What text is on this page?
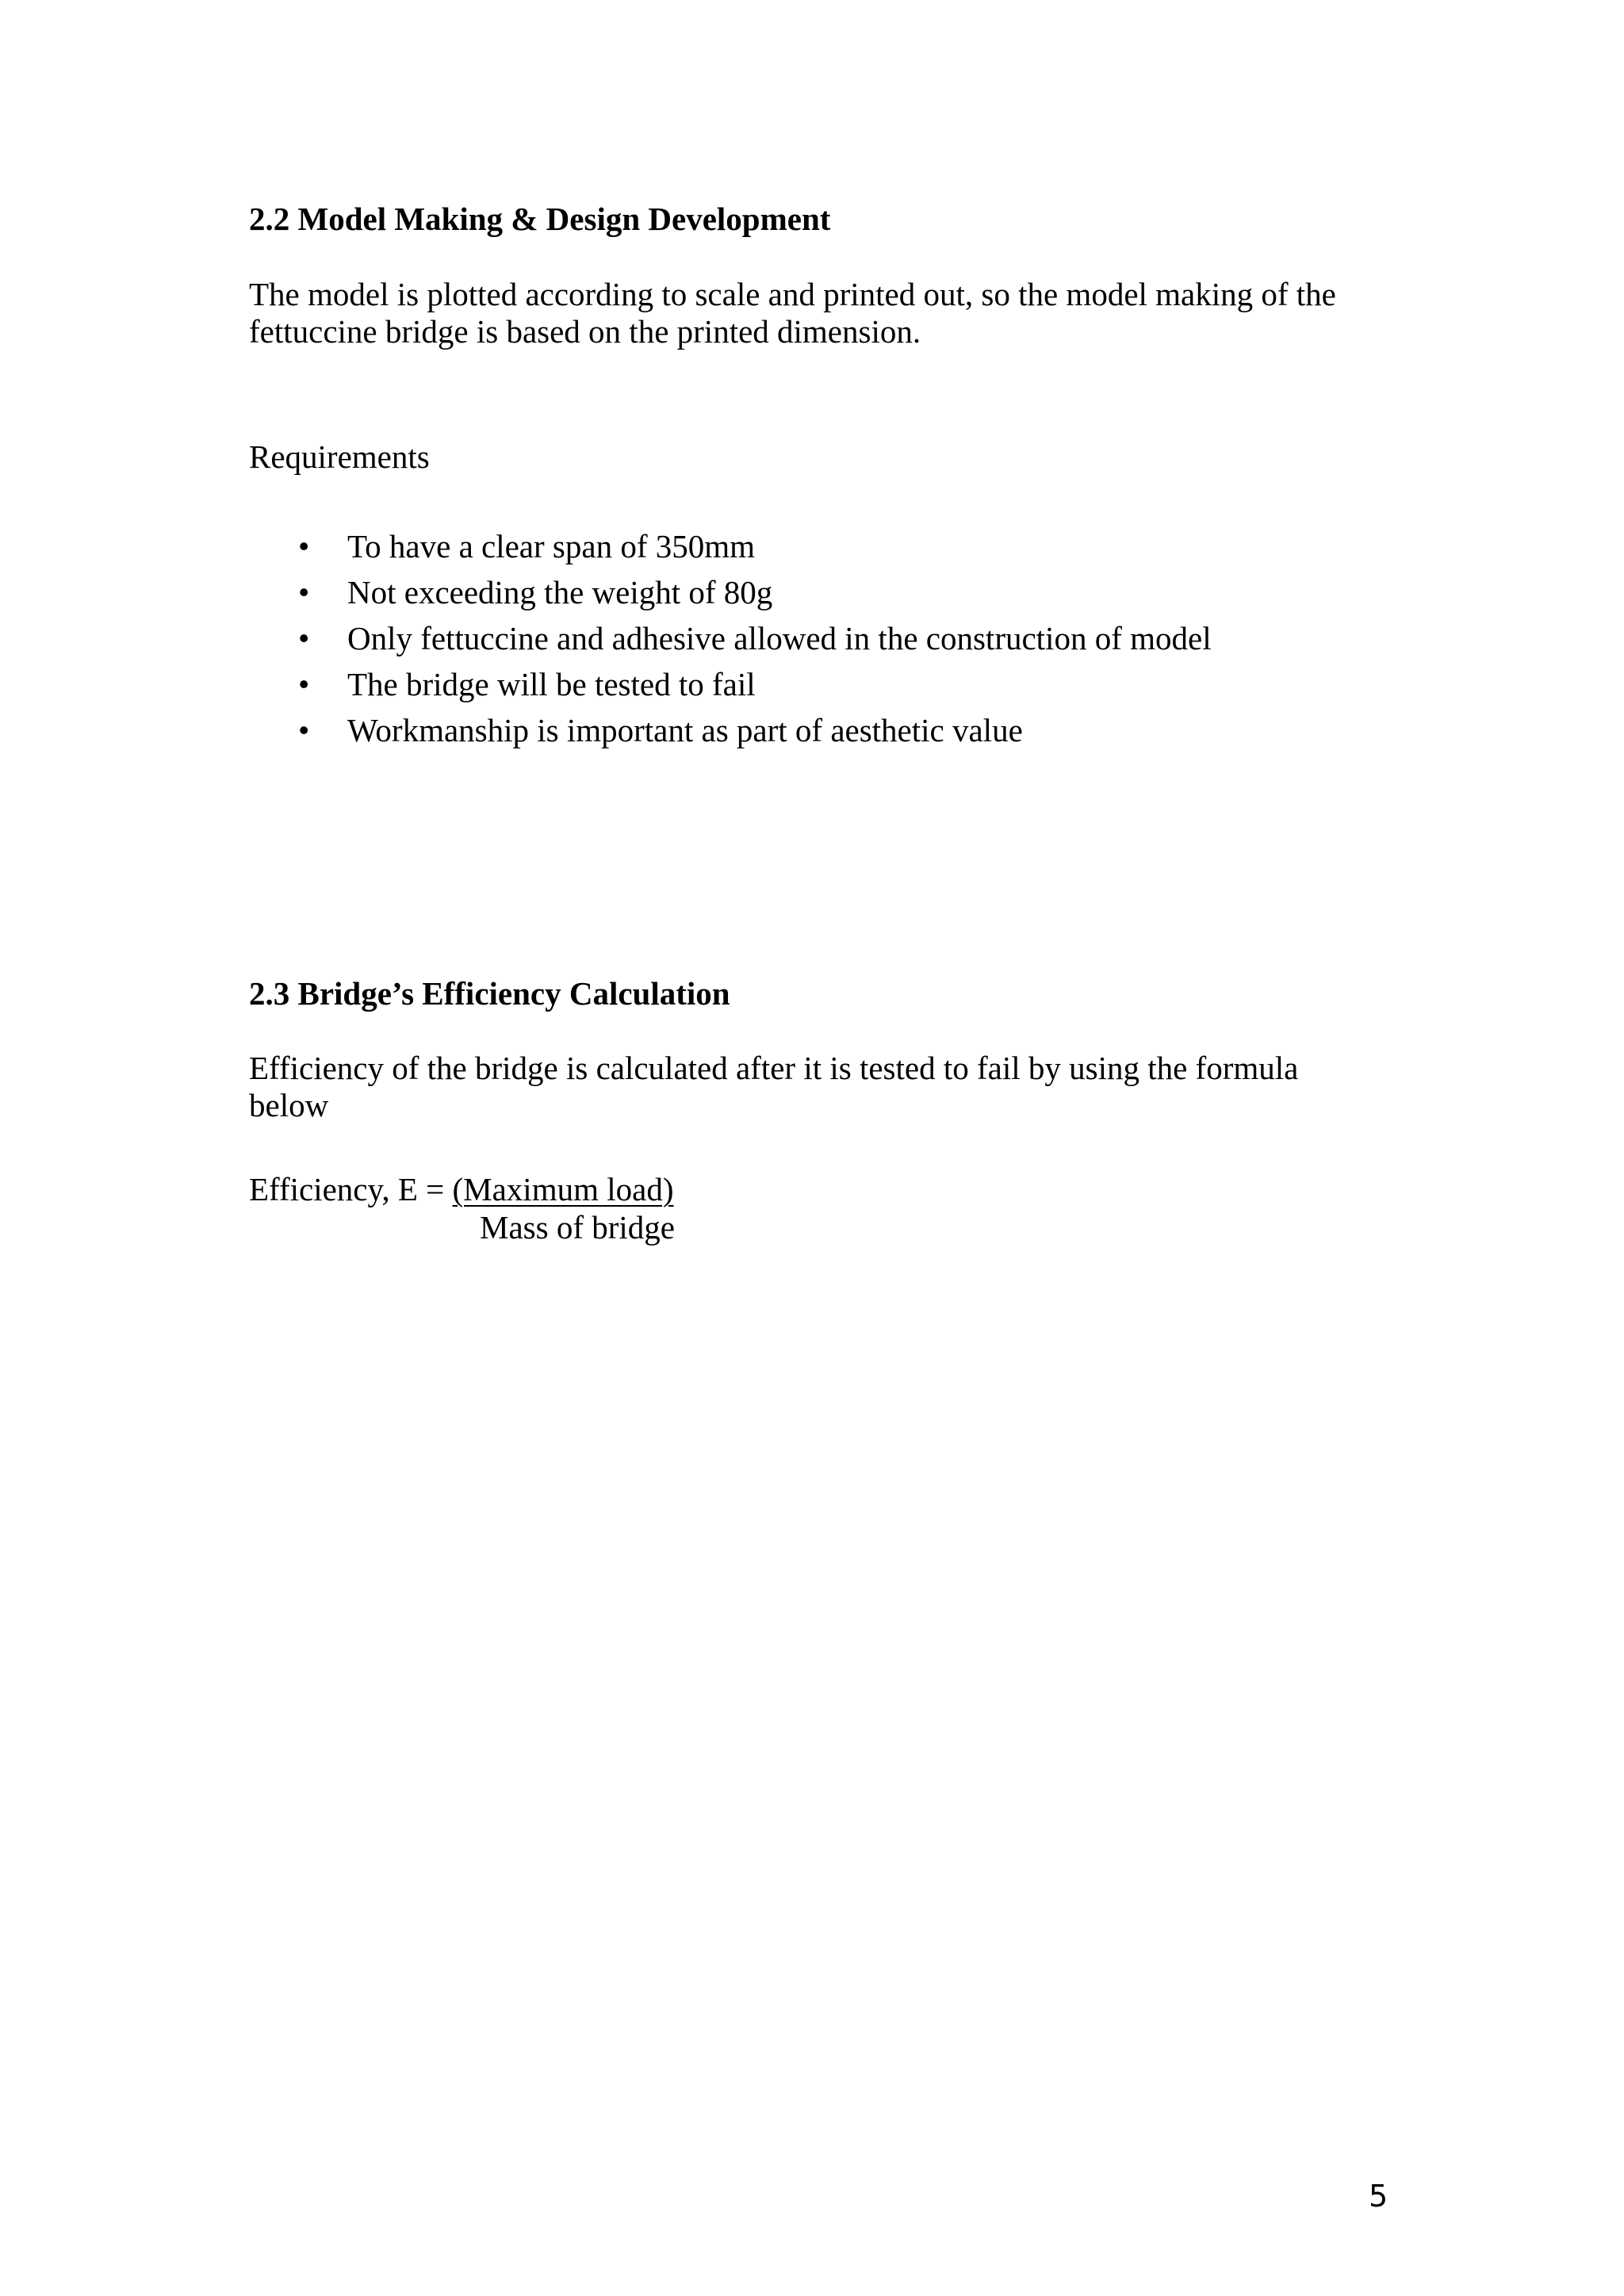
2.2 Model Making & Design Development
The model is plotted according to scale and printed out, so the model making of the
fettuccine bridge is based on the printed dimension.
Requirements
• To have a clear span of 350mm
• Not exceeding the weight of 80g
• Only fettuccine and adhesive allowed in the construction of model
• The bridge will be tested to fail
• Workmanship is important as part of aesthetic value
2.3 Bridge’s Efficiency Calculation
Efficiency of the bridge is calculated after it is tested to fail by using the formula
below
Efficiency, E = (Maximum load)
Mass of bridge
5
